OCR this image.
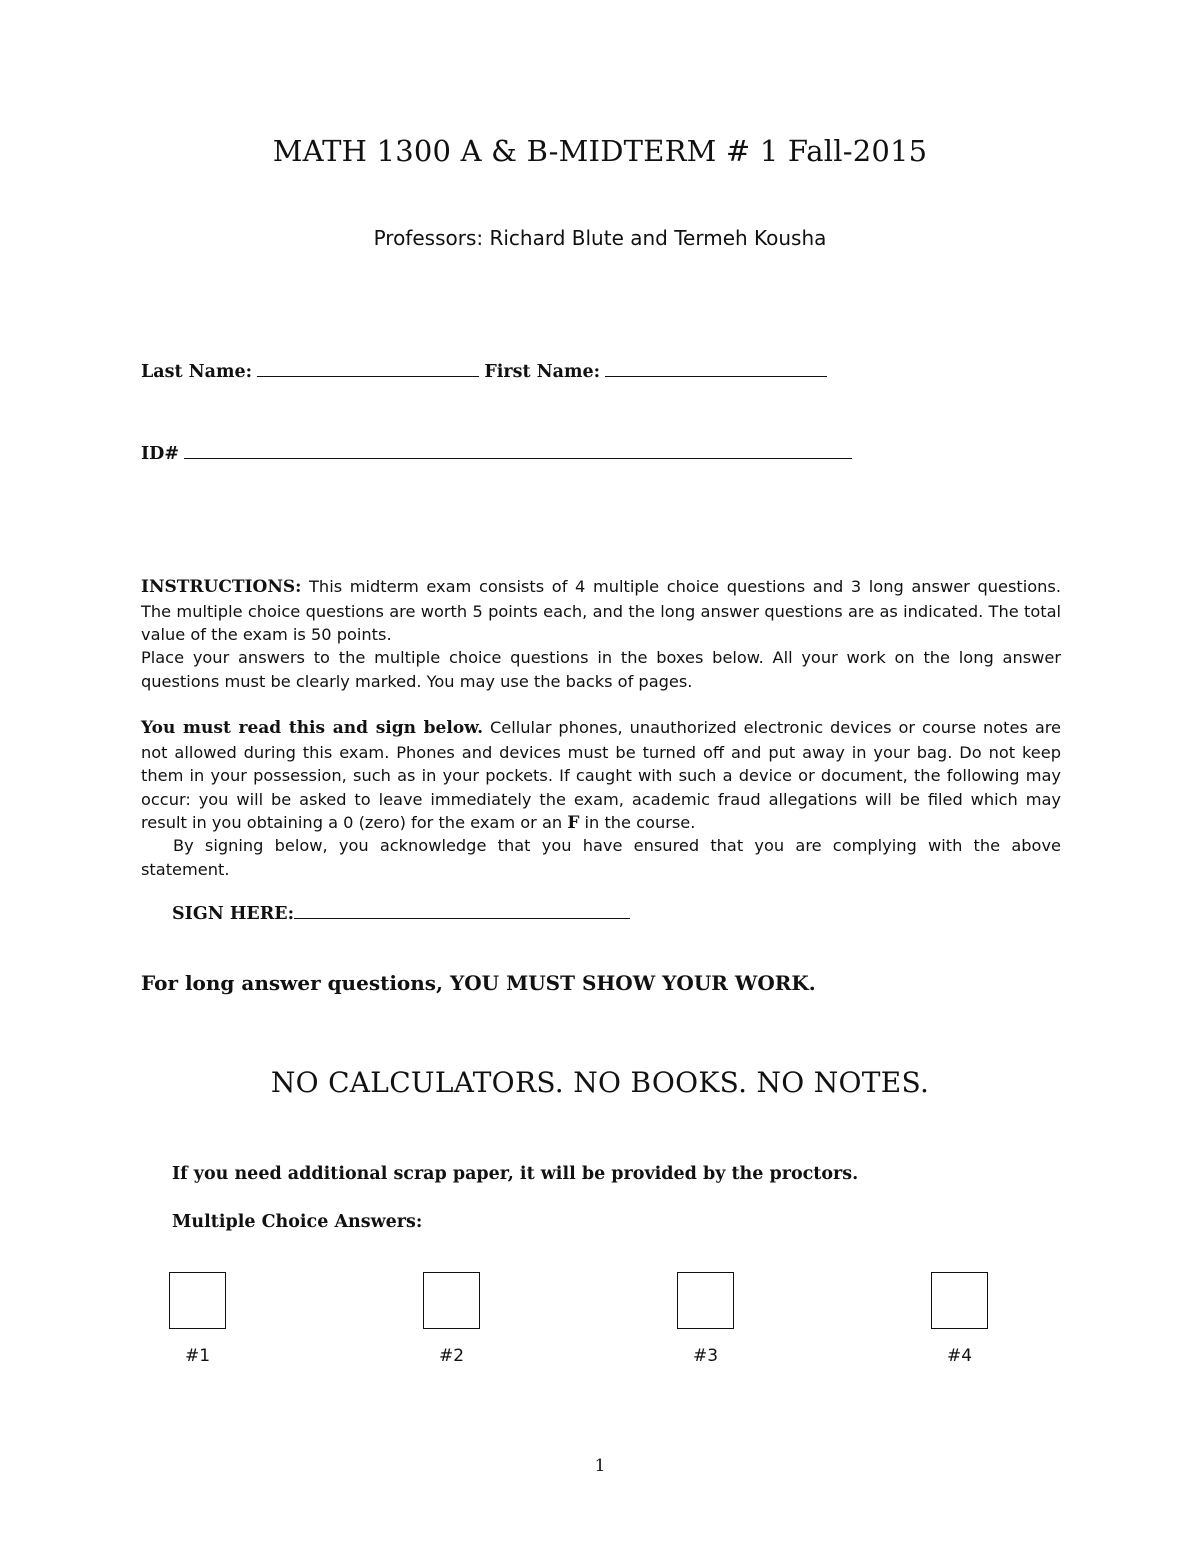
MATH 1300 A & B-MIDTERM # 1 Fall-2015
Professors: Richard Blute and Termeh Kousha
Last Name:	First Name:
ID#
INSTRUCTIONS: This midterm exam consists of 4 multiple choice questions and 3 long answer questions. The multiple choice questions are worth 5 points each, and the long answer questions are as indicated. The total value of the exam is 50 points.
Place your answers to the multiple choice questions in the boxes below. All your work on the long answer questions must be clearly marked. You may use the backs of pages.
You must read this and sign below. Cellular phones, unauthorized electronic devices or course notes are not allowed during this exam. Phones and devices must be turned off and put away in your bag. Do not keep them in your possession, such as in your pockets. If caught with such a device or document, the following may occur: you will be asked to leave immediately the exam, academic fraud allegations will be filed which may result in you obtaining a 0 (zero) for the exam or an F in the course.
By signing below, you acknowledge that you have ensured that you are complying with the above statement.
SIGN HERE:
For long answer questions, YOU MUST SHOW YOUR WORK.
NO CALCULATORS. NO BOOKS. NO NOTES.
If you need additional scrap paper, it will be provided by the proctors.
Multiple Choice Answers:
#1	#2	#3	#4
1
